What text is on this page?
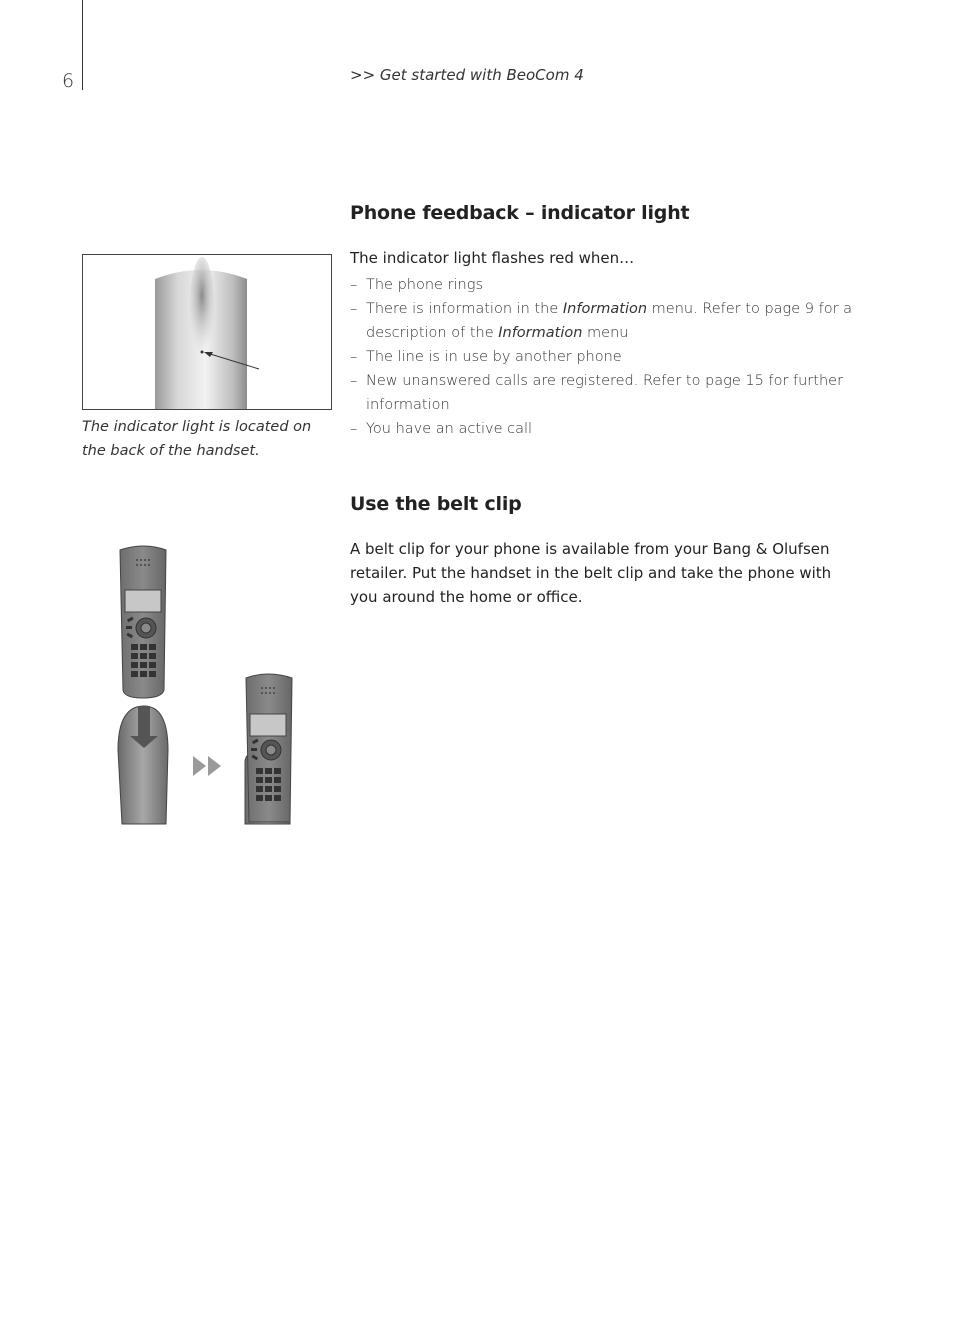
6	>> Get started with BeoCom 4
Phone feedback – indicator light
The indicator light is located on the back of the handset.
The indicator light flashes red when…
– The phone rings
– There is information in the Information menu. Refer to page 9 for a description of the Information menu
– The line is in use by another phone
– New unanswered calls are registered. Refer to page 15 for further information
– You have an active call
Use the belt clip
A belt clip for your phone is available from your Bang & Olufsen retailer. Put the handset in the belt clip and take the phone with you around the home or office.
